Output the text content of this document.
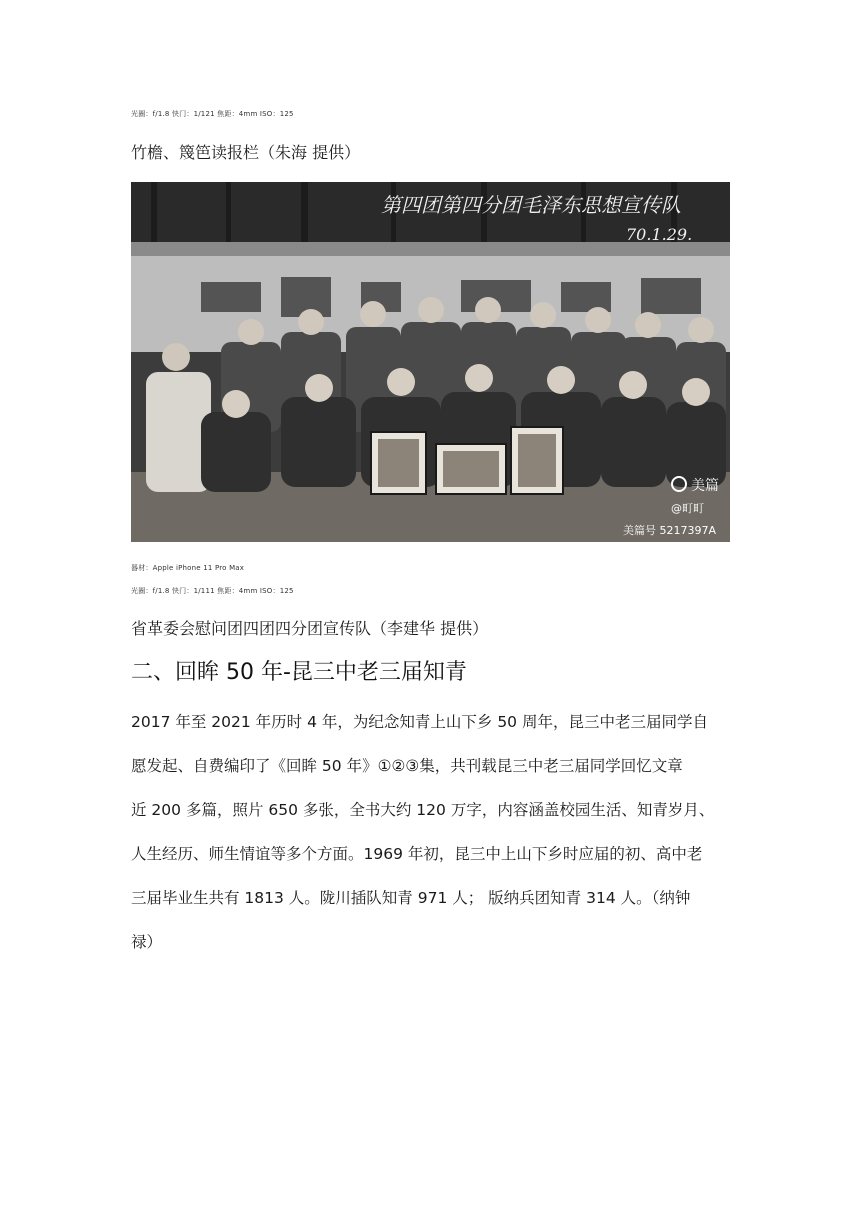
光圈：f/1.8 快门：1/121 焦距：4mm ISO：125
竹檐、篾笆读报栏（朱海 提供）
第四团第四分团毛泽东思想宣传队
70.1.29.
美篇
@町町
美篇号 5217397A
器材：Apple iPhone 11 Pro Max
光圈：f/1.8 快门：1/111 焦距：4mm ISO：125
省革委会慰问团四团四分团宣传队（李建华 提供）
二、回眸 50 年-昆三中老三届知青
2017 年至 2021 年历时 4 年，为纪念知青上山下乡 50 周年，昆三中老三届同学自
愿发起、自费编印了《回眸 50 年》①②③集，共刊载昆三中老三届同学回忆文章
近 200 多篇，照片 650 多张，全书大约 120 万字，内容涵盖校园生活、知青岁月、
人生经历、师生情谊等多个方面。1969 年初，昆三中上山下乡时应届的初、高中老
三届毕业生共有 1813 人。陇川插队知青 971 人； 版纳兵团知青 314 人。（纳钟
禄）
